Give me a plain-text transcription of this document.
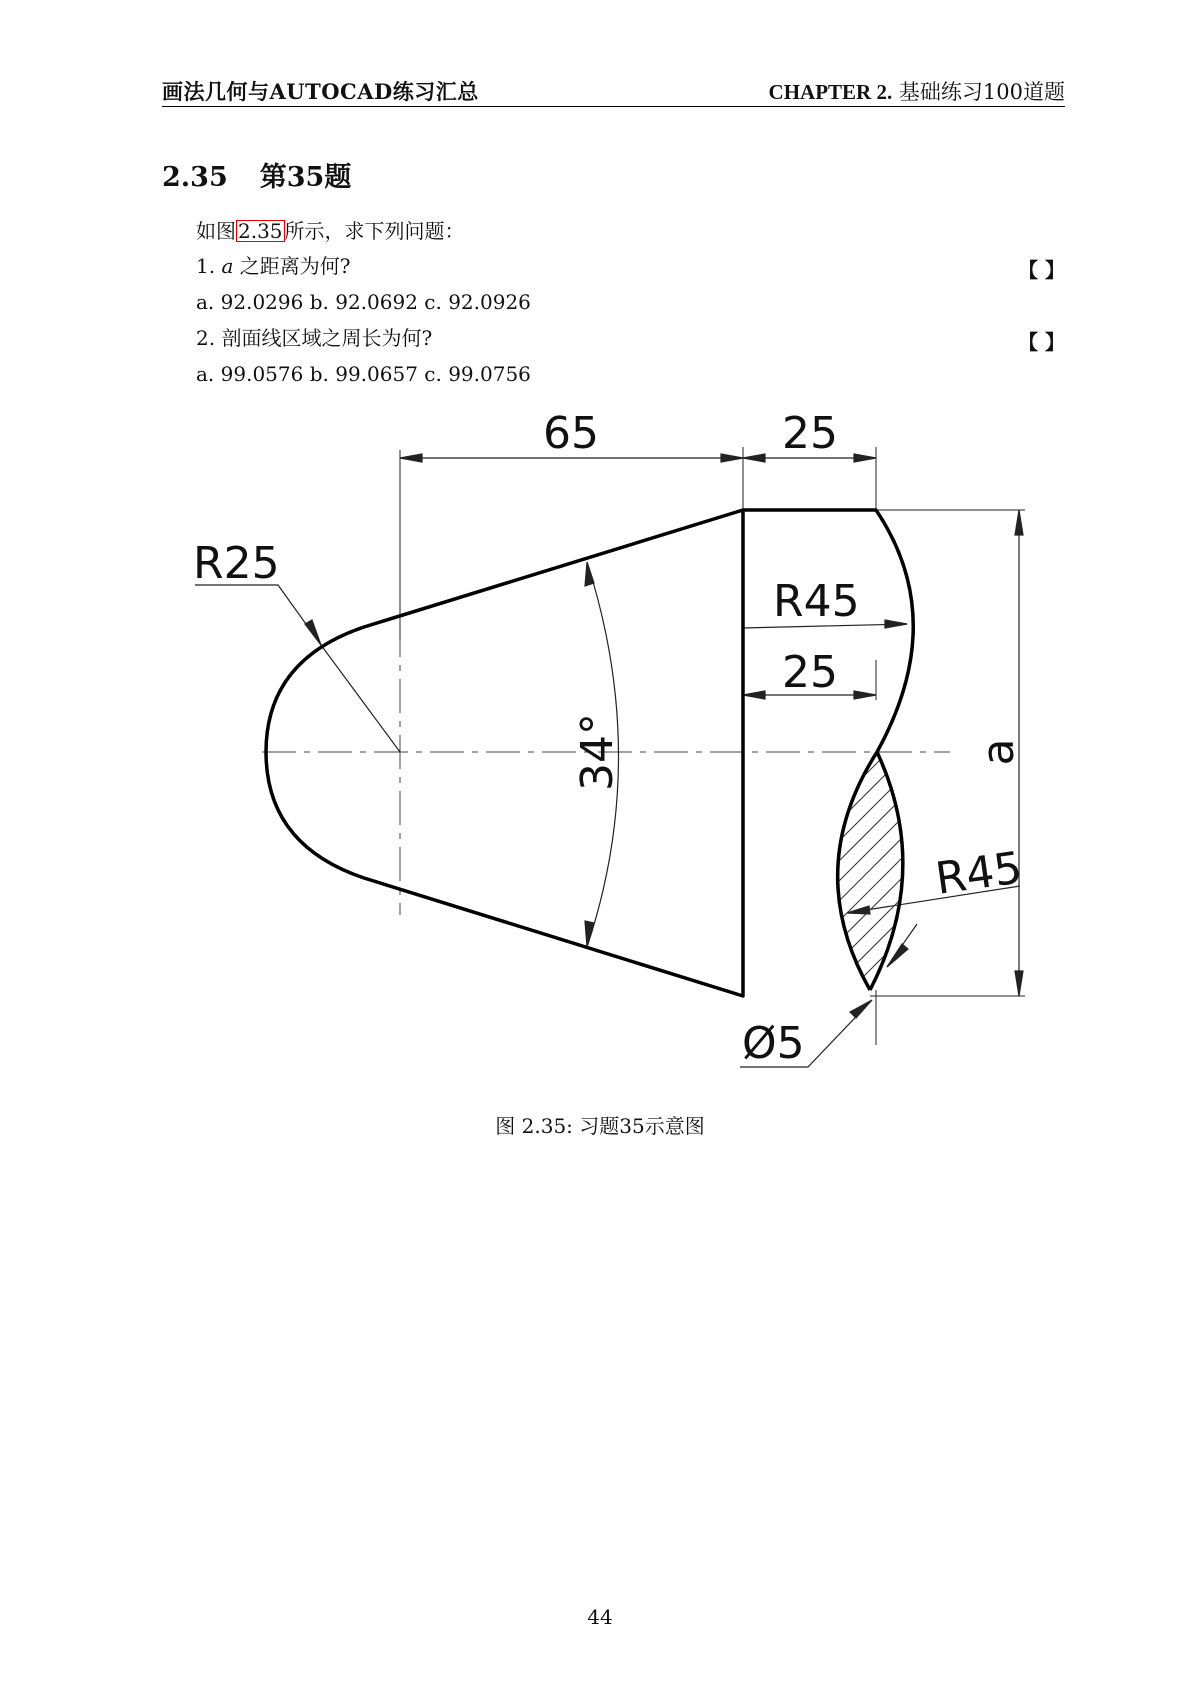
画法几何与AUTOCAD练习汇总	CHAPTER 2. 基础练习100道题
2.35 第35题
如图 2.35 所示，求下列问题：
1. a 之距离为何?	【 】
a. 92.0296 b. 92.0692 c. 92.0926
2. 剖面线区域之周长为何?	【 】
a. 99.0576 b. 99.0657 c. 99.0756
65	25
R25
R45
25
34°	a
R45
Ø5
图 2.35: 习题35示意图
44
